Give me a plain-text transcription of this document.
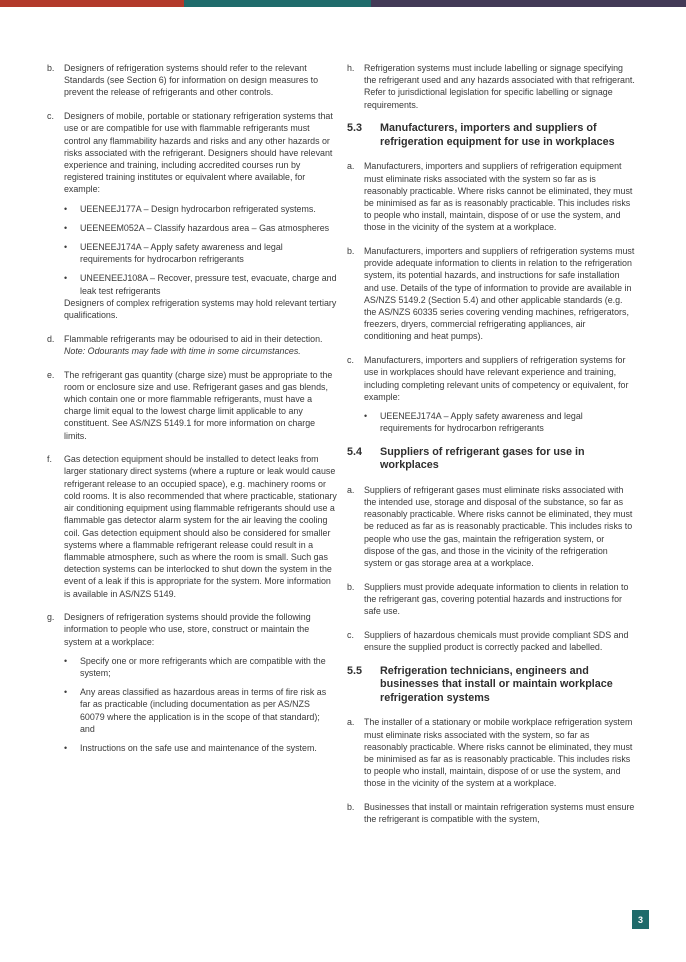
b.	Designers of refrigeration systems should refer to the relevant Standards (see Section 6) for information on design measures to prevent the release of refrigerants and other controls.

c.	Designers of mobile, portable or stationary refrigeration systems that use or are compatible for use with flammable refrigerants must control any flammability hazards and risks and any other hazards or risks associated with the refrigerant. Designers should have relevant experience and training, including accredited courses run by registered training institutes or equivalent where available, for example:

•	UEENEEJ177A – Design hydrocarbon refrigerated systems.
•	UEENEEM052A – Classify hazardous area – Gas atmospheres
•	UEENEEJ174A – Apply safety awareness and legal requirements for hydrocarbon refrigerants
•	UNEENEEJ108A – Recover, pressure test, evacuate, charge and leak test refrigerants

Designers of complex refrigeration systems may hold relevant tertiary qualifications.

d.	Flammable refrigerants may be odourised to aid in their detection.

Note: Odourants may fade with time in some circumstances.

e.	The refrigerant gas quantity (charge size) must be appropriate to the room or enclosure size and use. Refrigerant gases and gas blends, which contain one or more flammable refrigerants, must have a charge limit equal to the lowest charge limit applicable to any constituent. See AS/NZS 5149.1 for more information on charge limits.

f.	Gas detection equipment should be installed to detect leaks from larger stationary direct systems (where a rupture or leak would cause refrigerant release to an occupied space), e.g. machinery rooms or cold rooms. It is also recommended that where practicable, stationary air conditioning equipment using flammable refrigerants should use a flammable gas detector alarm system for the air leaving the cooling coil. Gas detection equipment should also be considered for smaller systems where a flammable refrigerant release could result in a flammable atmosphere, such as where the room is small. Such gas detection systems can be interlocked to shut down the system in the event of a leak if this is appropriate for the system. More information is available in AS/NZS 5149.

g.	Designers of refrigeration systems should provide the following information to people who use, store, construct or maintain the system at a workplace:

•	Specify one or more refrigerants which are compatible with the system;
•	Any areas classified as hazardous areas in terms of fire risk as far as practicable (including documentation as per AS/NZS 60079 where the application is in the scope of that standard); and
•	Instructions on the safe use and maintenance of the system.
h.	Refrigeration systems must include labelling or signage specifying the refrigerant used and any hazards associated with that refrigerant. Refer to jurisdictional legislation for specific labelling or signage requirements.

5.3	Manufacturers, importers and suppliers of refrigeration equipment for use in workplaces
a.	Manufacturers, importers and suppliers of refrigeration equipment must eliminate risks associated with the system so far as is reasonably practicable. Where risks cannot be eliminated, they must be minimised as far as is reasonably practicable. This includes risks to people who install, maintain, dispose of or use the system, and those in the vicinity of the system at a workplace.

b.	Manufacturers, importers and suppliers of refrigeration systems must provide adequate information to clients in relation to the refrigeration system, its potential hazards, and instructions for safe installation and use. Details of the type of information to provide are available in AS/NZS 5149.2 (Section 5.4) and other applicable standards (e.g. the AS/NZS 60335 series covering vending machines, refrigerators, freezers, dryers, commercial refrigerating appliances, air conditioning and heat pumps).

c.	Manufacturers, importers and suppliers of refrigeration systems for use in workplaces should have relevant experience and training, including completing relevant units of competency or equivalent, for example:

•	UEENEEJ174A – Apply safety awareness and legal requirements for hydrocarbon refrigerants
5.4	Suppliers of refrigerant gases for use in workplaces
a.	Suppliers of refrigerant gases must eliminate risks associated with the intended use, storage and disposal of the substance, so far as reasonably practicable. Where risks cannot be eliminated, they must be reduced as far as is reasonably practicable. This includes risks to people who use the gas, maintain the refrigeration system, or dispose of the gas, and those in the vicinity of the refrigeration system or gas storage area at a workplace.

b.	Suppliers must provide adequate information to clients in relation to the refrigerant gas, covering potential hazards and instructions for safe use.

c.	Suppliers of hazardous chemicals must provide compliant SDS and ensure the supplied product is correctly packed and labelled.

5.5	Refrigeration technicians, engineers and businesses that install or maintain workplace refrigeration systems
a.	The installer of a stationary or mobile workplace refrigeration system must eliminate risks associated with the system, so far as reasonably practicable. Where risks cannot be eliminated, they must be minimised as far as is reasonably practicable. This includes risks to people who install, maintain, dispose of or use the system, and those in the vicinity of the system at a workplace.

b.	Businesses that install or maintain refrigeration systems must ensure the refrigerant is compatible with the system,

3
